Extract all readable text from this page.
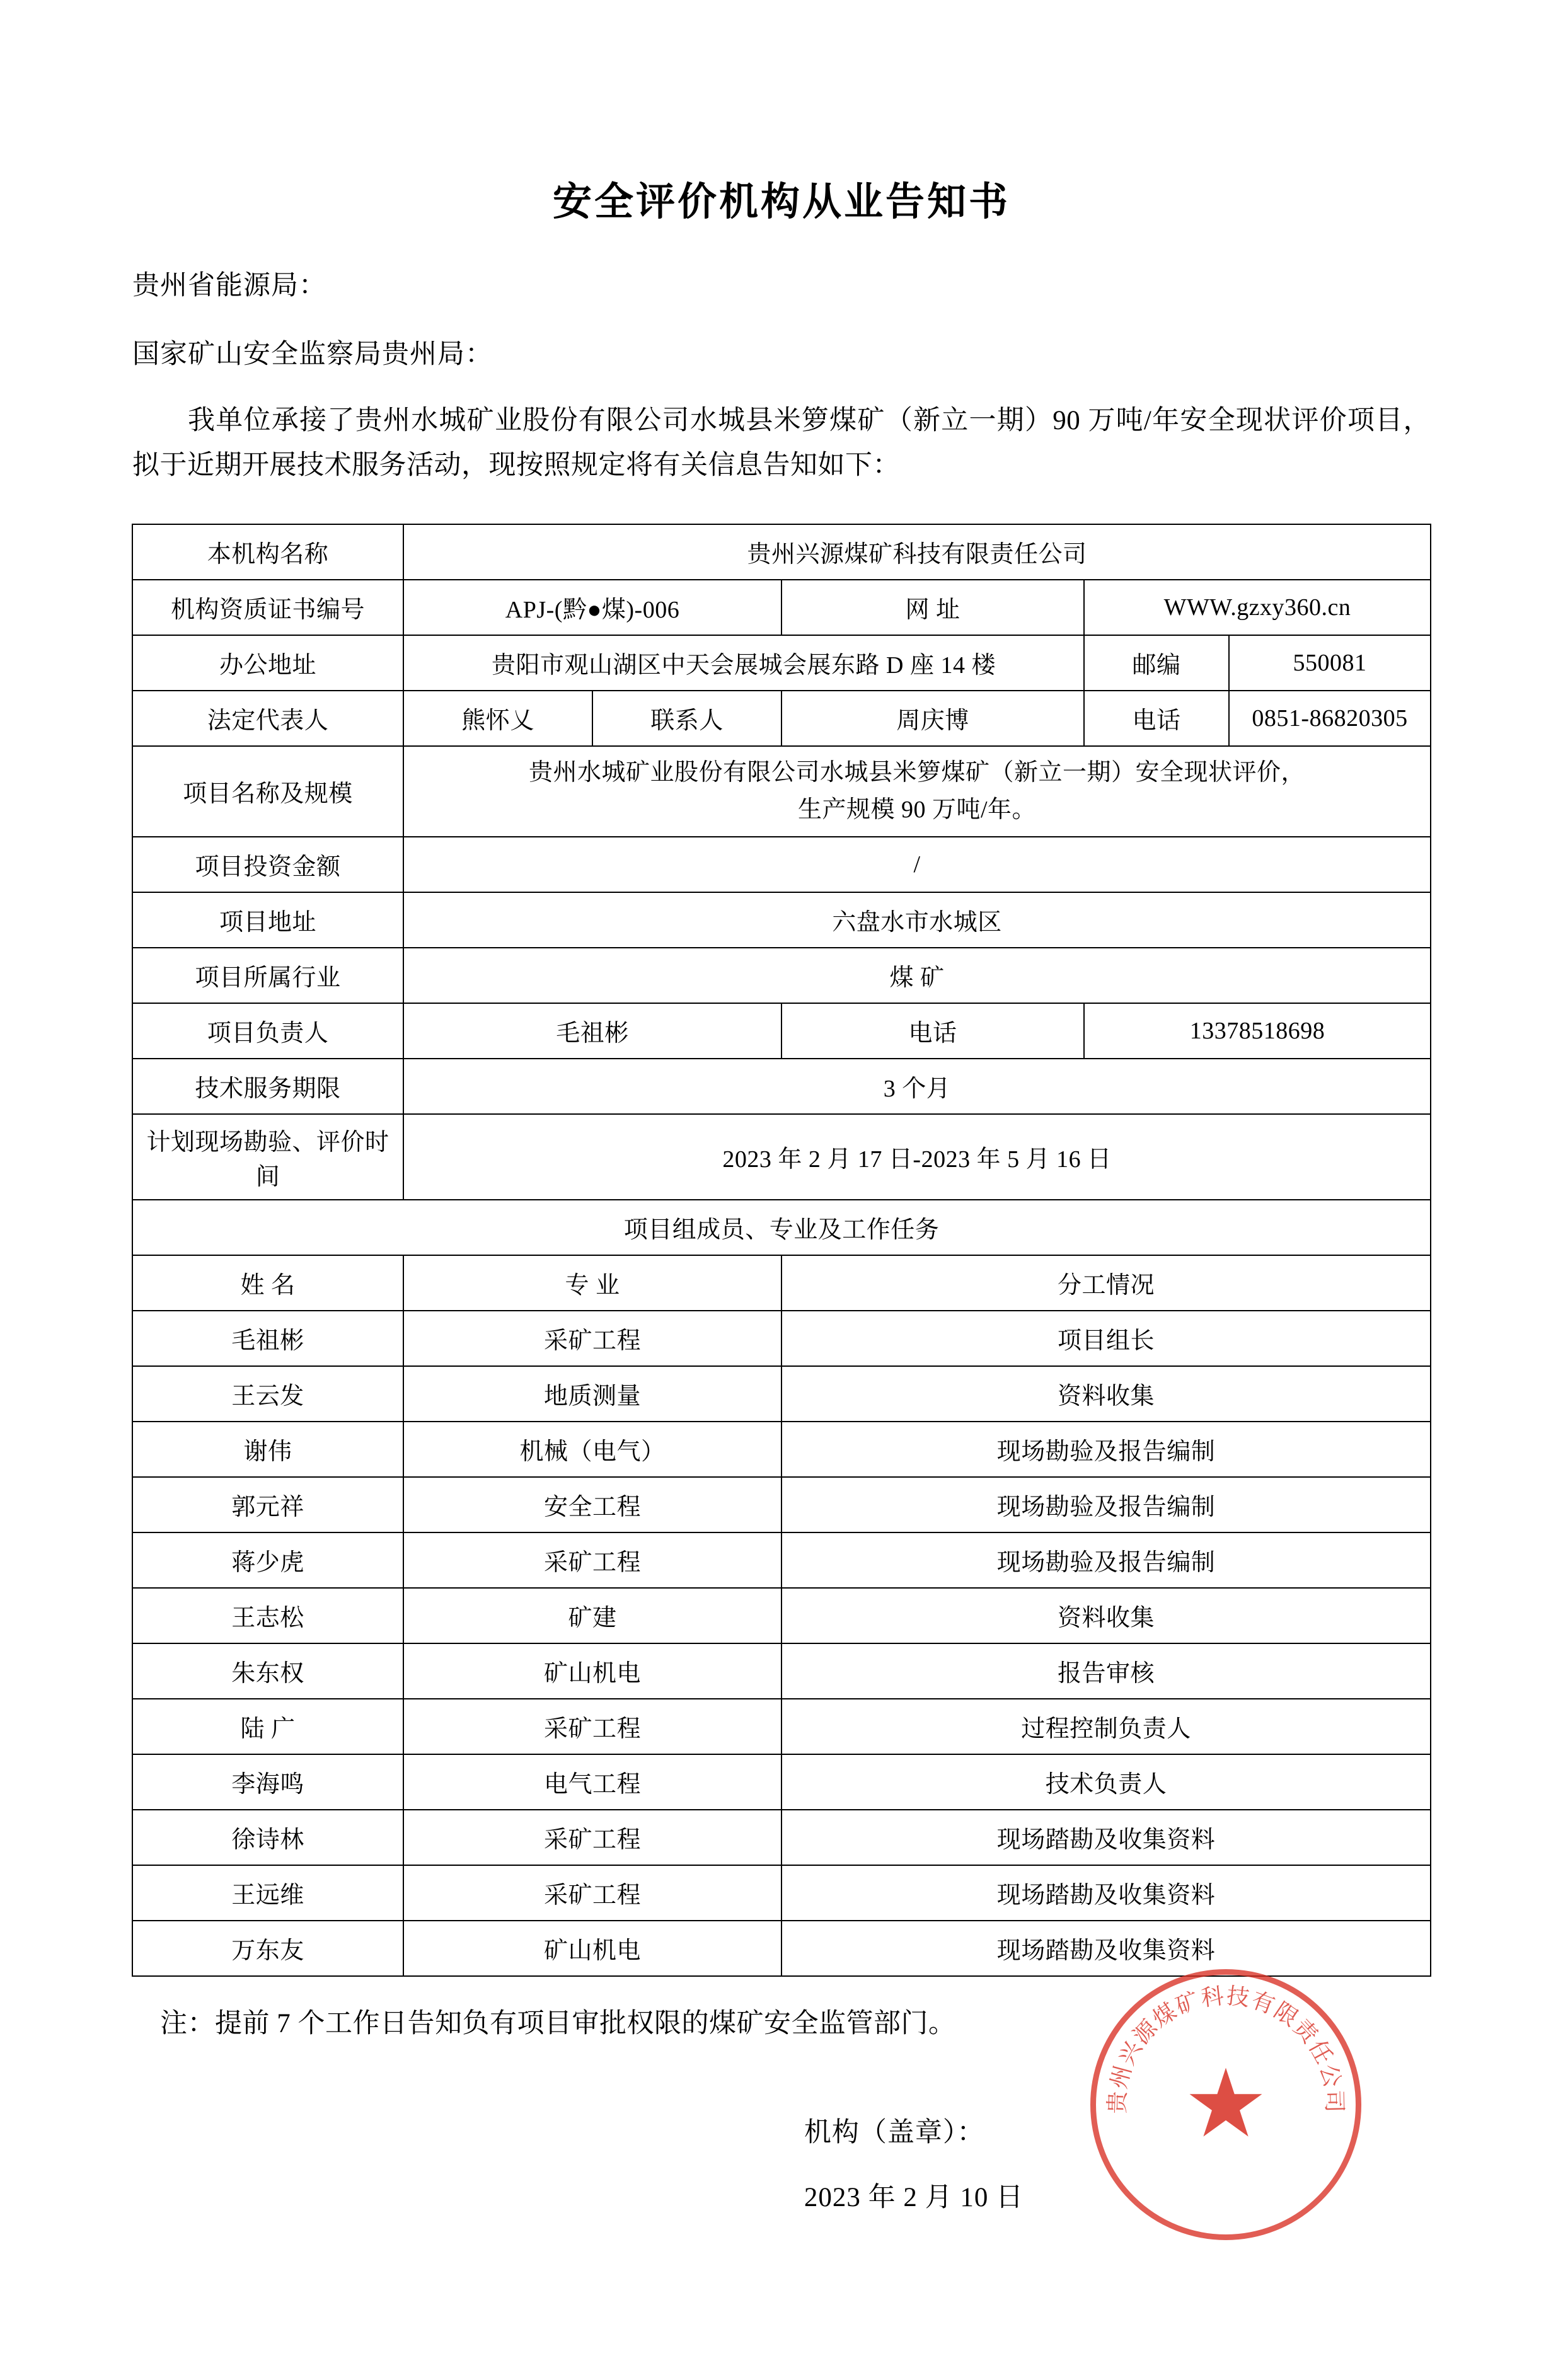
安全评价机构从业告知书
贵州省能源局：
国家矿山安全监察局贵州局：
我单位承接了贵州水城矿业股份有限公司水城县米箩煤矿（新立一期）90 万吨/年安全现状评价项目，拟于近期开展技术服务活动，现按照规定将有关信息告知如下：
本机构名称	贵州兴源煤矿科技有限责任公司				
机构资质证书编号	APJ-(黔●煤)-006		网 址	WWW.gzxy360.cn	
办公地址	贵阳市观山湖区中天会展城会展东路 D 座 14 楼			邮编	550081
法定代表人	熊怀乂	联系人	周庆博	电话	0851-86820305
项目名称及规模	贵州水城矿业股份有限公司水城县米箩煤矿（新立一期）安全现状评价，
生产规模 90 万吨/年。				

项目投资金额	/				
项目地址	六盘水市水城区				
项目所属行业	煤 矿				
项目负责人	毛祖彬		电话	13378518698	
技术服务期限	3 个月				
计划现场勘验、评价时间	2023 年 2 月 17 日-2023 年 5 月 16 日				
项目组成员、专业及工作任务					
姓 名	专 业		分工情况		
毛祖彬	采矿工程		项目组长		
王云发	地质测量		资料收集		
谢伟	机械（电气）		现场勘验及报告编制		
郭元祥	安全工程		现场勘验及报告编制		
蒋少虎	采矿工程		现场勘验及报告编制		
王志松	矿建		资料收集		
朱东权	矿山机电		报告审核		
陆 广	采矿工程		过程控制负责人		
李海鸣	电气工程		技术负责人		
徐诗林	采矿工程		现场踏勘及收集资料		
王远维	采矿工程		现场踏勘及收集资料		
万东友	矿山机电		现场踏勘及收集资料		
注：提前 7 个工作日告知负有项目审批权限的煤矿安全监管部门。
机构（盖章）：
2023 年 2 月 10 日
贵州兴源煤矿科技有限责任公司
★
